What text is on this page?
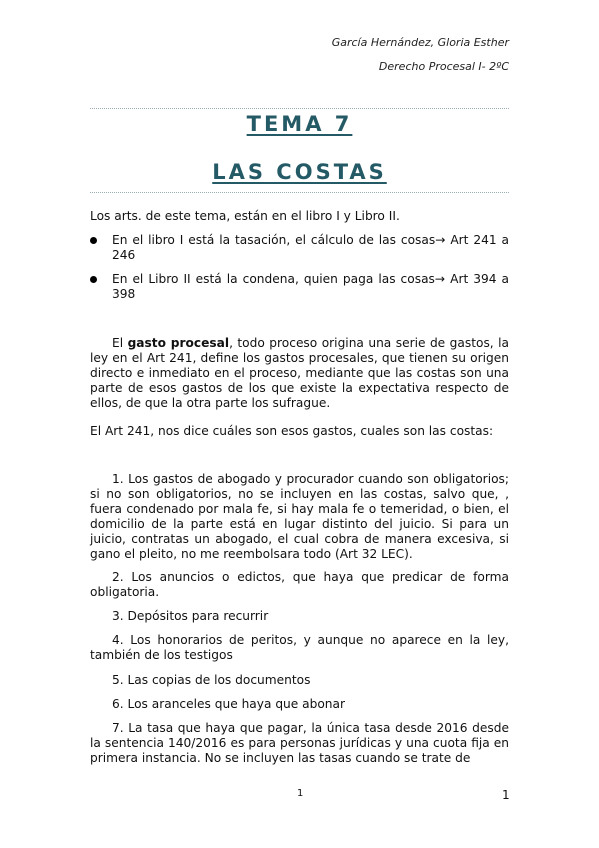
García Hernández, Gloria Esther
Derecho Procesal I- 2ºC
TEMA 7
LAS COSTAS
Los arts. de este tema, están en el libro I y Libro II.
En el libro I está la tasación, el cálculo de las cosas→ Art 241 a 246
En el Libro II está la condena, quien paga las cosas→ Art 394 a 398
El gasto procesal, todo proceso origina una serie de gastos, la ley en el Art 241, define los gastos procesales, que tienen su origen directo e inmediato en el proceso, mediante que las costas son una parte de esos gastos de los que existe la expectativa respecto de ellos, de que la otra parte los sufrague.
El Art 241, nos dice cuáles son esos gastos, cuales son las costas:
1. Los gastos de abogado y procurador cuando son obligatorios; si no son obligatorios, no se incluyen en las costas, salvo que, , fuera condenado por mala fe, si hay mala fe o temeridad, o bien, el domicilio de la parte está en lugar distinto del juicio. Si para un juicio, contratas un abogado, el cual cobra de manera excesiva, si gano el pleito, no me reembolsara todo (Art 32 LEC).
2. Los anuncios o edictos, que haya que predicar de forma obligatoria.
3. Depósitos para recurrir
4. Los honorarios de peritos, y aunque no aparece en la ley, también de los testigos
5. Las copias de los documentos
6. Los aranceles que haya que abonar
7. La tasa que haya que pagar, la única tasa desde 2016 desde la sentencia 140/2016 es para personas jurídicas y una cuota fija en primera instancia. No se incluyen las tasas cuando se trate de
1	1
